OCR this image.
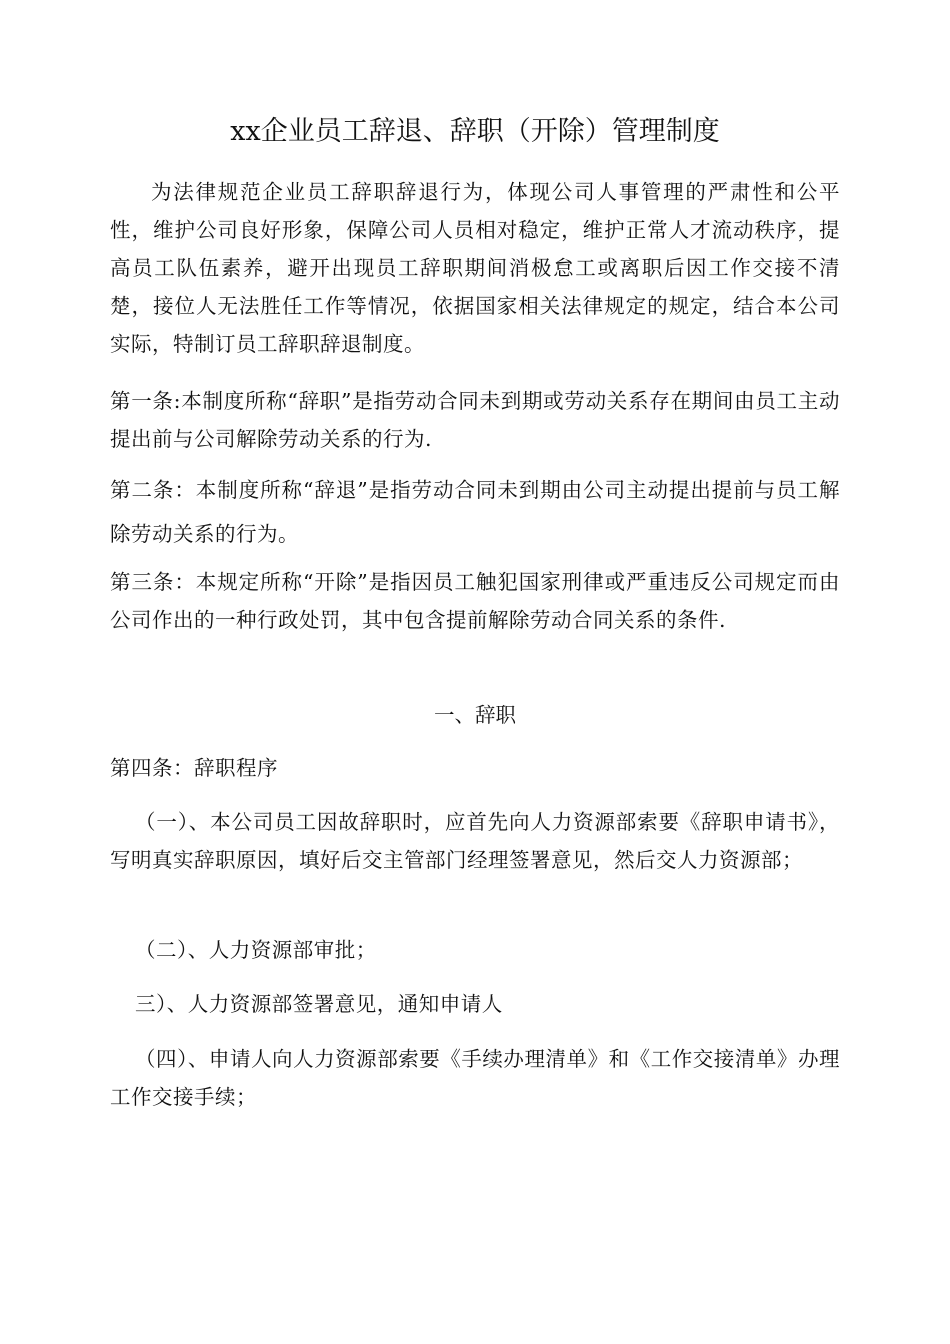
xx企业员工辞退、辞职（开除）管理制度

为法律规范企业员工辞职辞退行为，体现公司人事管理的严肃性和公平性，维护公司良好形象，保障公司人员相对稳定，维护正常人才流动秩序，提高员工队伍素养，避开出现员工辞职期间消极怠工或离职后因工作交接不清楚，接位人无法胜任工作等情况，依据国家相关法律规定的规定，结合本公司实际，特制订员工辞职辞退制度。

第一条:本制度所称“辞职”是指劳动合同未到期或劳动关系存在期间由员工主动提出前与公司解除劳动关系的行为.

第二条：本制度所称“辞退”是指劳动合同未到期由公司主动提出提前与员工解除劳动关系的行为。

第三条：本规定所称“开除”是指因员工触犯国家刑律或严重违反公司规定而由公司作出的一种行政处罚，其中包含提前解除劳动合同关系的条件.

一、辞职

第四条：辞职程序

（一）、本公司员工因故辞职时，应首先向人力资源部索要《辞职申请书》，写明真实辞职原因，填好后交主管部门经理签署意见，然后交人力资源部；

（二）、人力资源部审批；

三）、人力资源部签署意见，通知申请人

（四）、申请人向人力资源部索要《手续办理清单》和《工作交接清单》办理工作交接手续；
